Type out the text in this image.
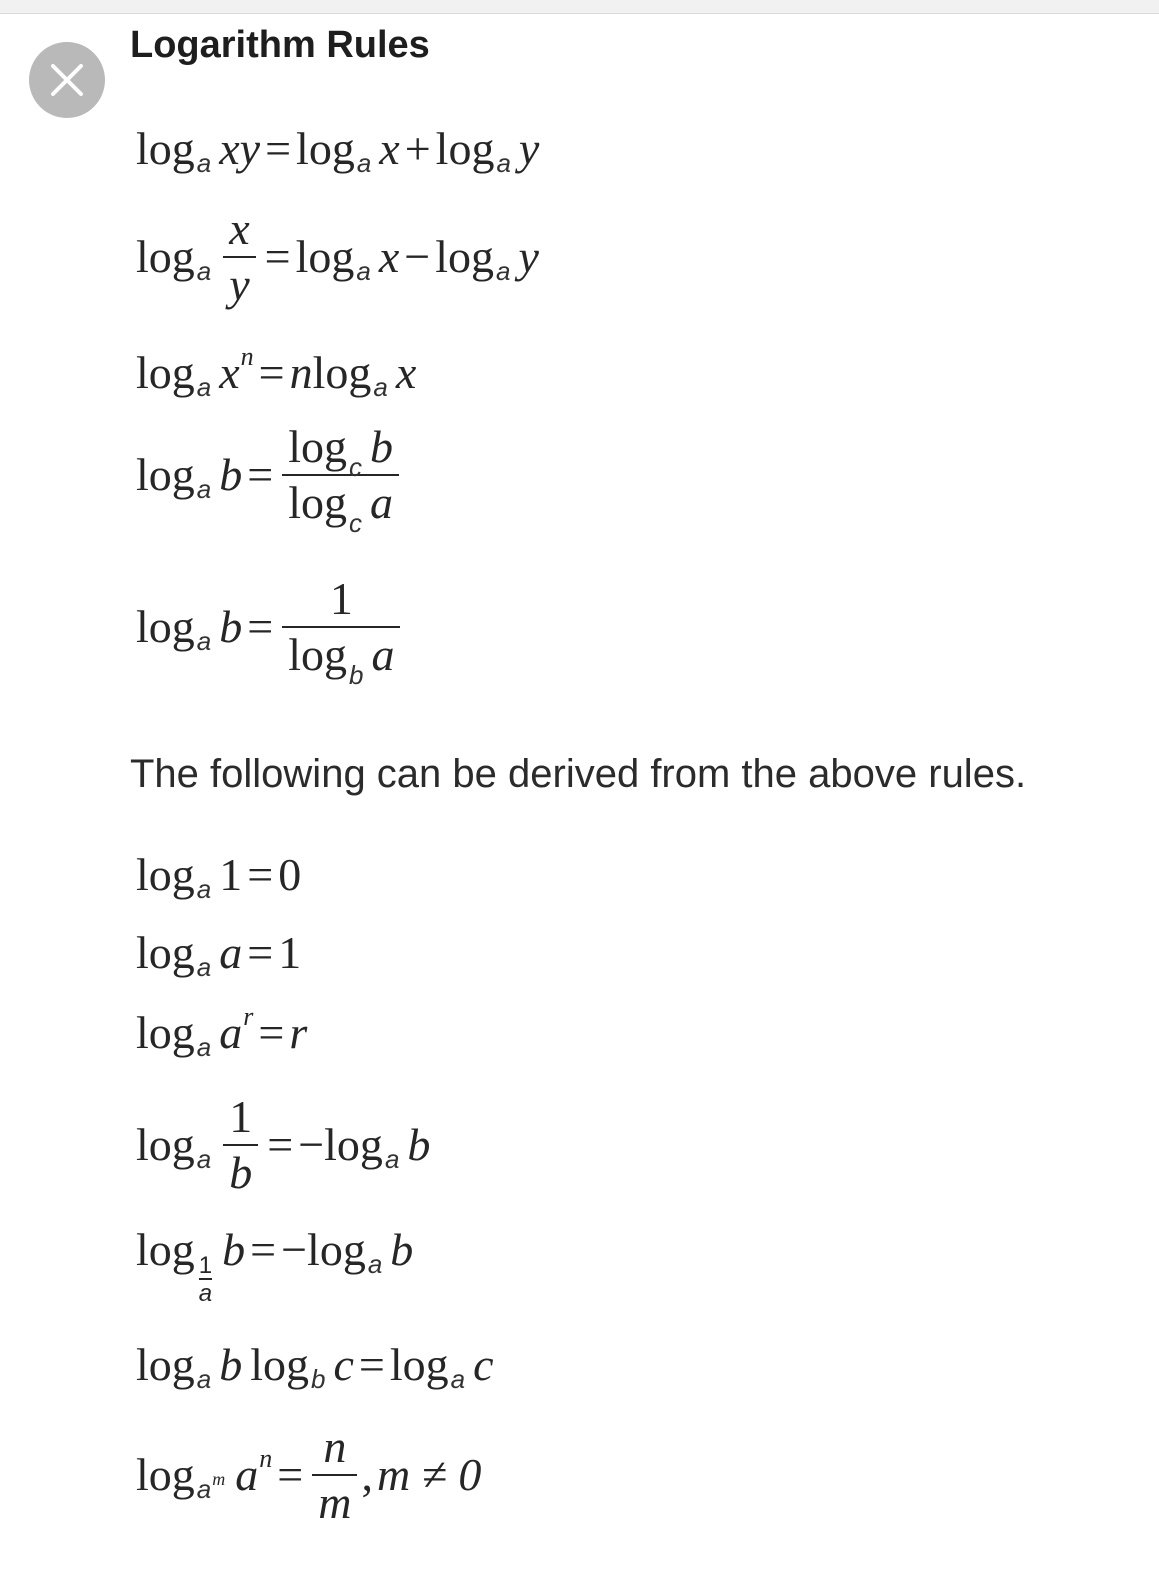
Logarithm Rules
log a xy = log a x + log a y
log a $\frac{x}{y} = \log a$ x − log a y
log a x n = n log a x
log a $b = \frac{\log_c b}{\log_c a}$
log a $b = \frac{1}{\log_b a}$
The following can be derived from the above rules.
log a 1 = 0
log a a = 1
log a a r = r
log a $\frac{1}{b}$ = − log a b
log
$\frac{1}{a}$
b = − log a b
log a b log b c = log a c
log a m a $n = \frac{n}{m}$ , m ≠ 0
